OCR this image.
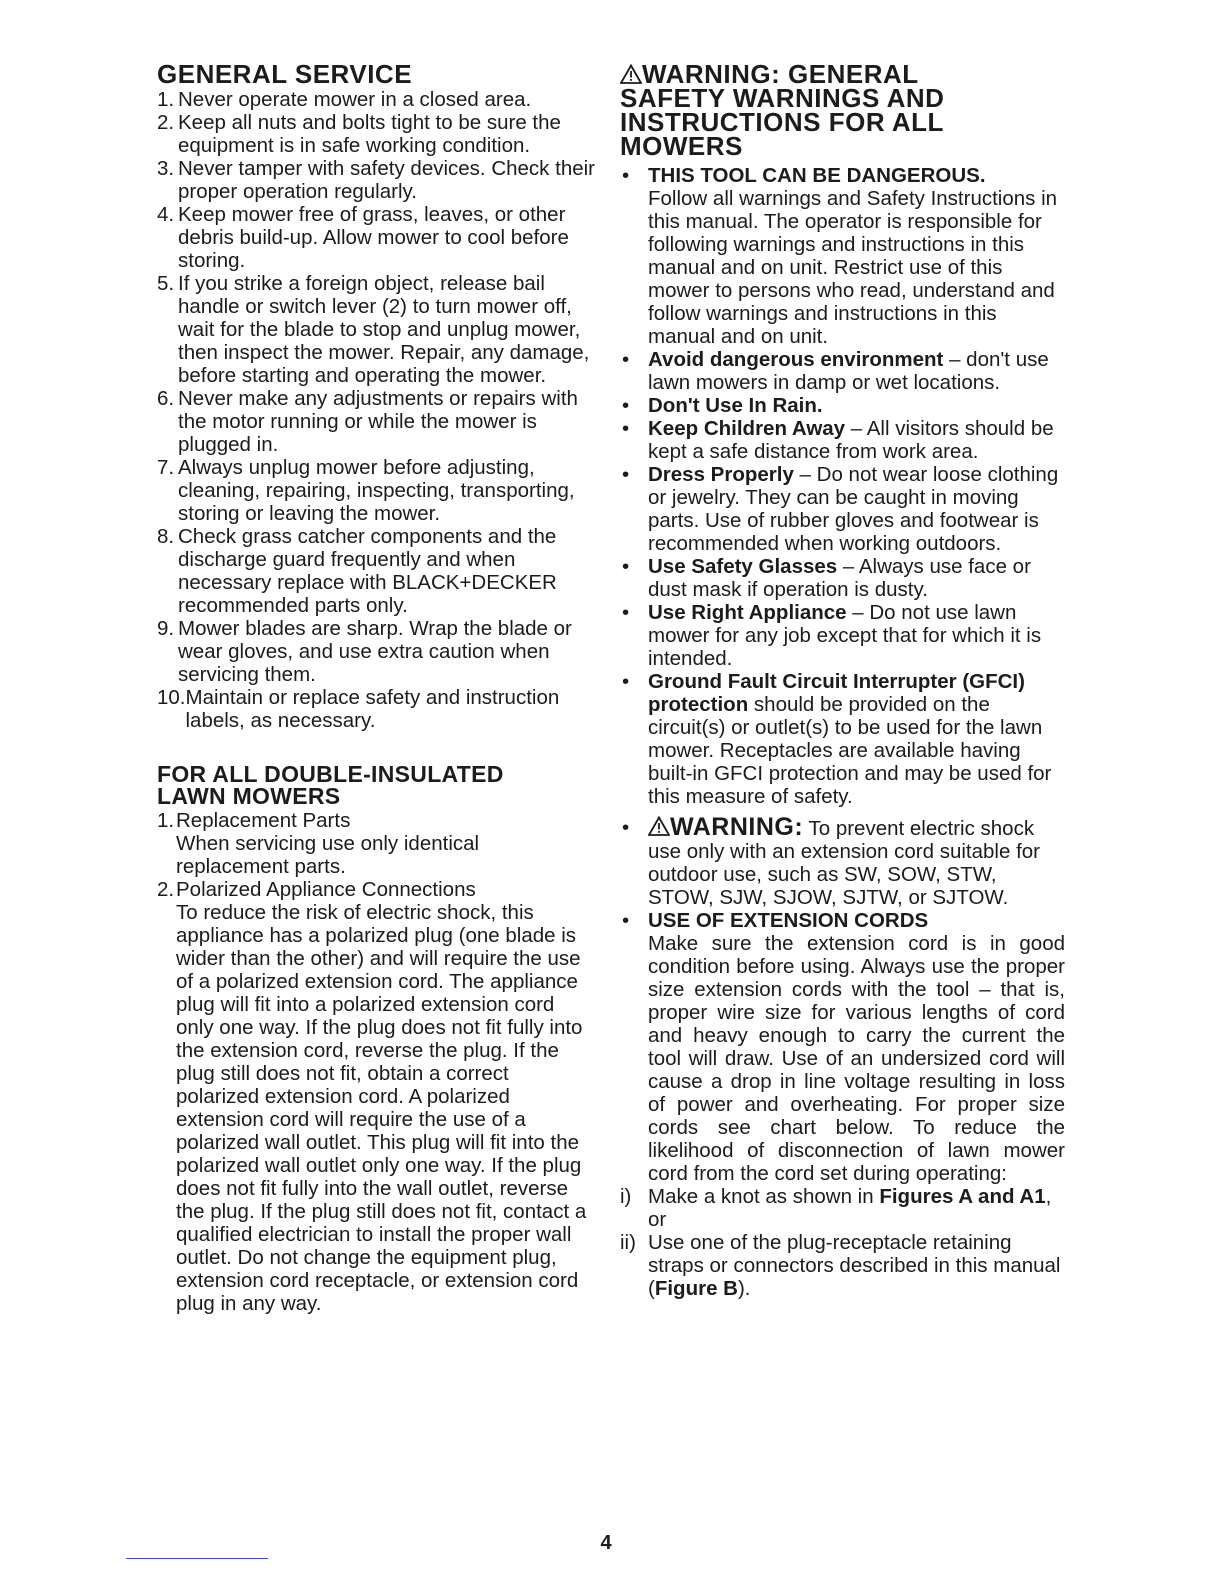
GENERAL SERVICE
1. Never operate mower in a closed area.
2. Keep all nuts and bolts tight to be sure the equipment is in safe working condition.
3. Never tamper with safety devices. Check their proper operation regularly.
4. Keep mower free of grass, leaves, or other debris build-up. Allow mower to cool before storing.
5. If you strike a foreign object, release bail handle or switch lever (2) to turn mower off, wait for the blade to stop and unplug mower, then inspect the mower. Repair, any damage, before starting and operating the mower.
6. Never make any adjustments or repairs with the motor running or while the mower is plugged in.
7. Always unplug mower before adjusting, cleaning, repairing, inspecting, transporting, storing or leaving the mower.
8. Check grass catcher components and the discharge guard frequently and when necessary replace with BLACK+DECKER recommended parts only.
9. Mower blades are sharp. Wrap the blade or wear gloves, and use extra caution when servicing them.
10. Maintain or replace safety and instruction labels, as necessary.
FOR ALL DOUBLE-INSULATED
LAWN MOWERS
1. Replacement Parts
When servicing use only identical replacement parts.
2. Polarized Appliance Connections
To reduce the risk of electric shock, this appliance has a polarized plug (one blade is wider than the other) and will require the use of a polarized extension cord. The appliance plug will fit into a polarized extension cord only one way. If the plug does not fit fully into the extension cord, reverse the plug. If the plug still does not fit, obtain a correct polarized extension cord. A polarized extension cord will require the use of a polarized wall outlet. This plug will fit into the polarized wall outlet only one way. If the plug does not fit fully into the wall outlet, reverse the plug. If the plug still does not fit, contact a qualified electrician to install the proper wall outlet. Do not change the equipment plug, extension cord receptacle, or extension cord plug in any way.
WARNING: GENERAL
SAFETY WARNINGS AND
INSTRUCTIONS FOR ALL
MOWERS
• THIS TOOL CAN BE DANGEROUS.
Follow all warnings and Safety Instructions in this manual. The operator is responsible for following warnings and instructions in this manual and on unit. Restrict use of this mower to persons who read, understand and follow warnings and instructions in this manual and on unit.
• Avoid dangerous environment – don't use lawn mowers in damp or wet locations.
• Don't Use In Rain.
• Keep Children Away – All visitors should be kept a safe distance from work area.
• Dress Properly – Do not wear loose clothing or jewelry. They can be caught in moving parts. Use of rubber gloves and footwear is recommended when working outdoors.
• Use Safety Glasses – Always use face or dust mask if operation is dusty.
• Use Right Appliance – Do not use lawn mower for any job except that for which it is intended.
• Ground Fault Circuit Interrupter (GFCI) protection should be provided on the circuit(s) or outlet(s) to be used for the lawn mower. Receptacles are available having built-in GFCI protection and may be used for this measure of safety.
•	WARNING: To prevent electric shock use only with an extension cord suitable for outdoor use, such as SW, SOW, STW, STOW, SJW, SJOW, SJTW, or SJTOW.
• USE OF EXTENSION CORDS

Make sure the extension cord is in good condition before using. Always use the proper size extension cords with the tool – that is, proper wire size for various lengths of cord and heavy enough to carry the current the tool will draw. Use of an undersized cord will cause a drop in line voltage resulting in loss of power and overheating. For proper size cords see chart below. To reduce the likelihood of disconnection of lawn mower cord from the cord set during operating:
i) Make a knot as shown in Figures A and A1, or
ii) Use one of the plug-receptacle retaining straps or connectors described in this manual (Figure B).
4
